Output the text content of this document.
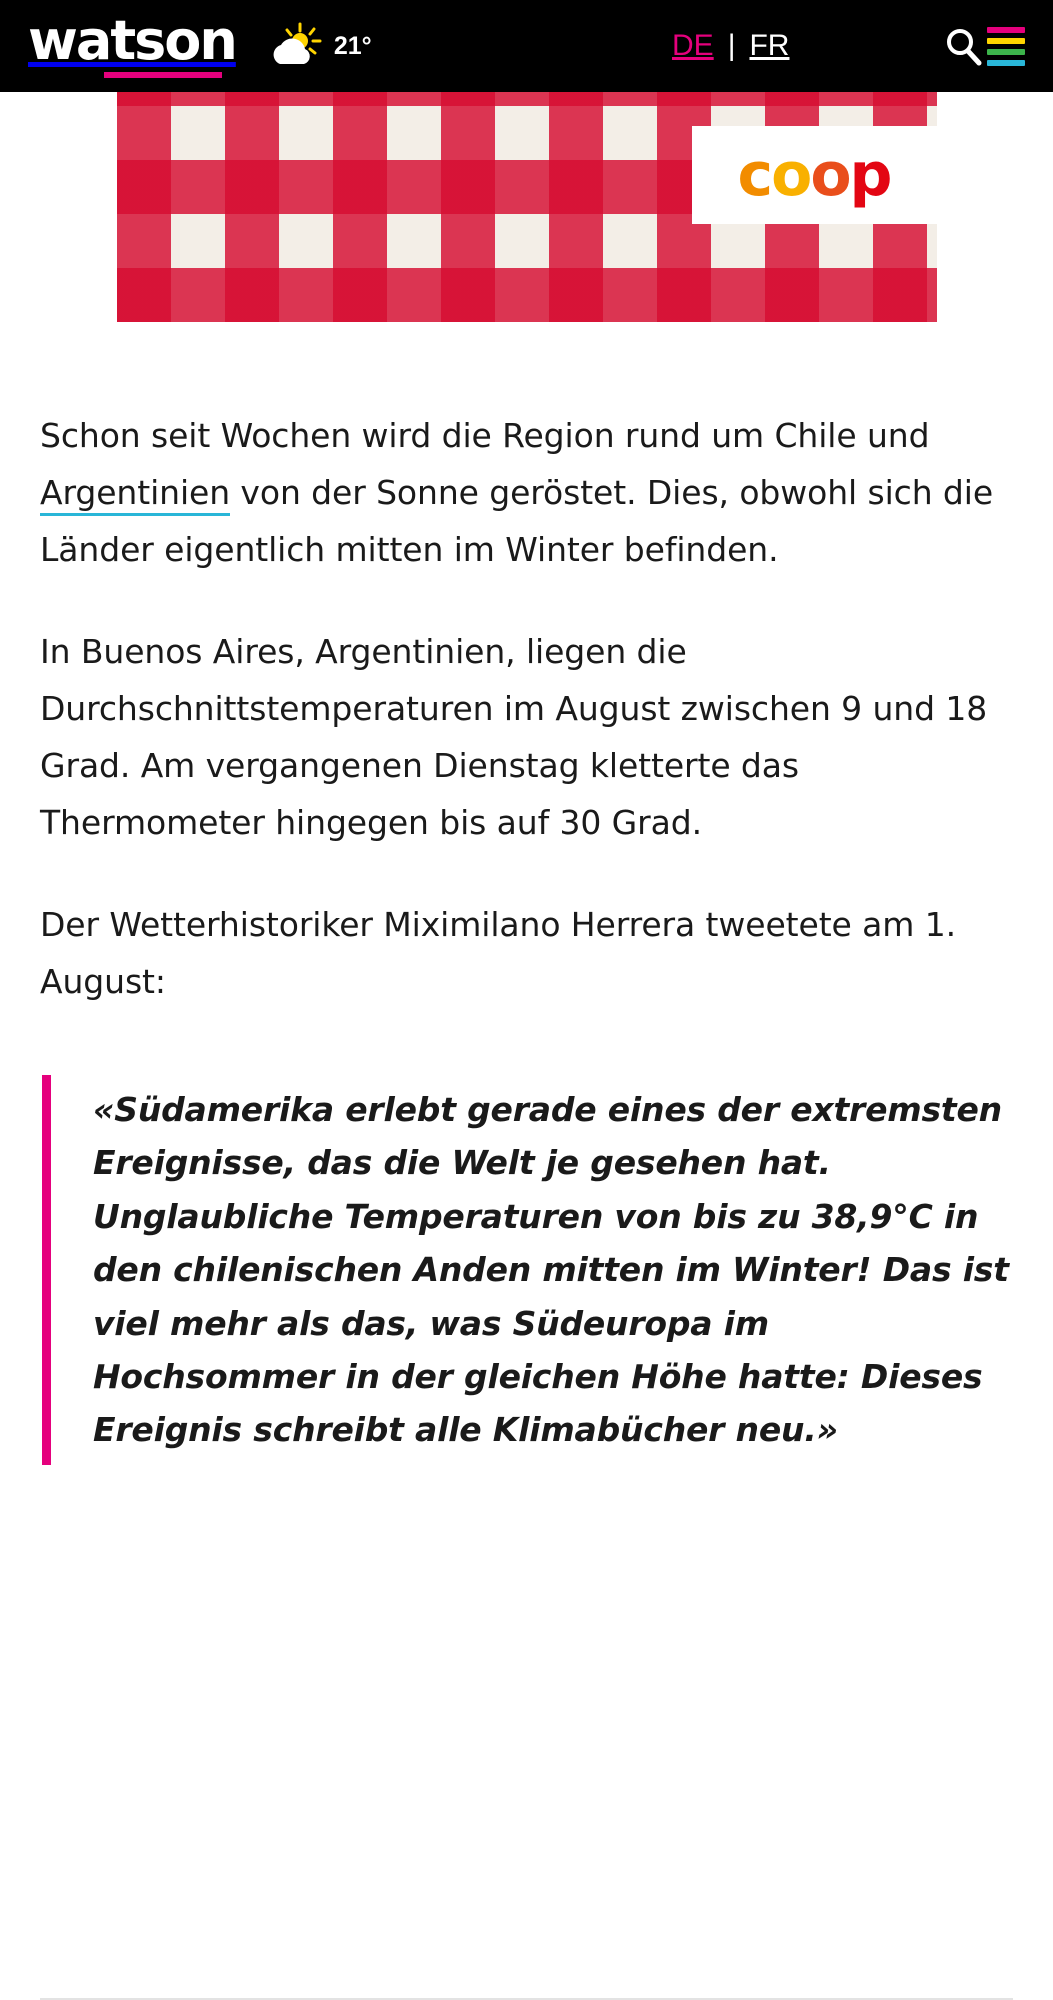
watson	21°	DE | FR
coop

Schon seit Wochen wird die Region rund um Chile und Argentinien von der Sonne geröstet. Dies, obwohl sich die Länder eigentlich mitten im Winter befinden.

In Buenos Aires, Argentinien, liegen die Durchschnittstemperaturen im August zwischen 9 und 18 Grad. Am vergangenen Dienstag kletterte das Thermometer hingegen bis auf 30 Grad.

Der Wetterhistoriker Miximilano Herrera tweetete am 1. August:

«Südamerika erlebt gerade eines der extremsten Ereignisse, das die Welt je gesehen hat. Unglaubliche Temperaturen von bis zu 38,9°C in den chilenischen Anden mitten im Winter! Das ist viel mehr als das, was Südeuropa im Hochsommer in der gleichen Höhe hatte: Dieses Ereignis schreibt alle Klimabücher neu.»
